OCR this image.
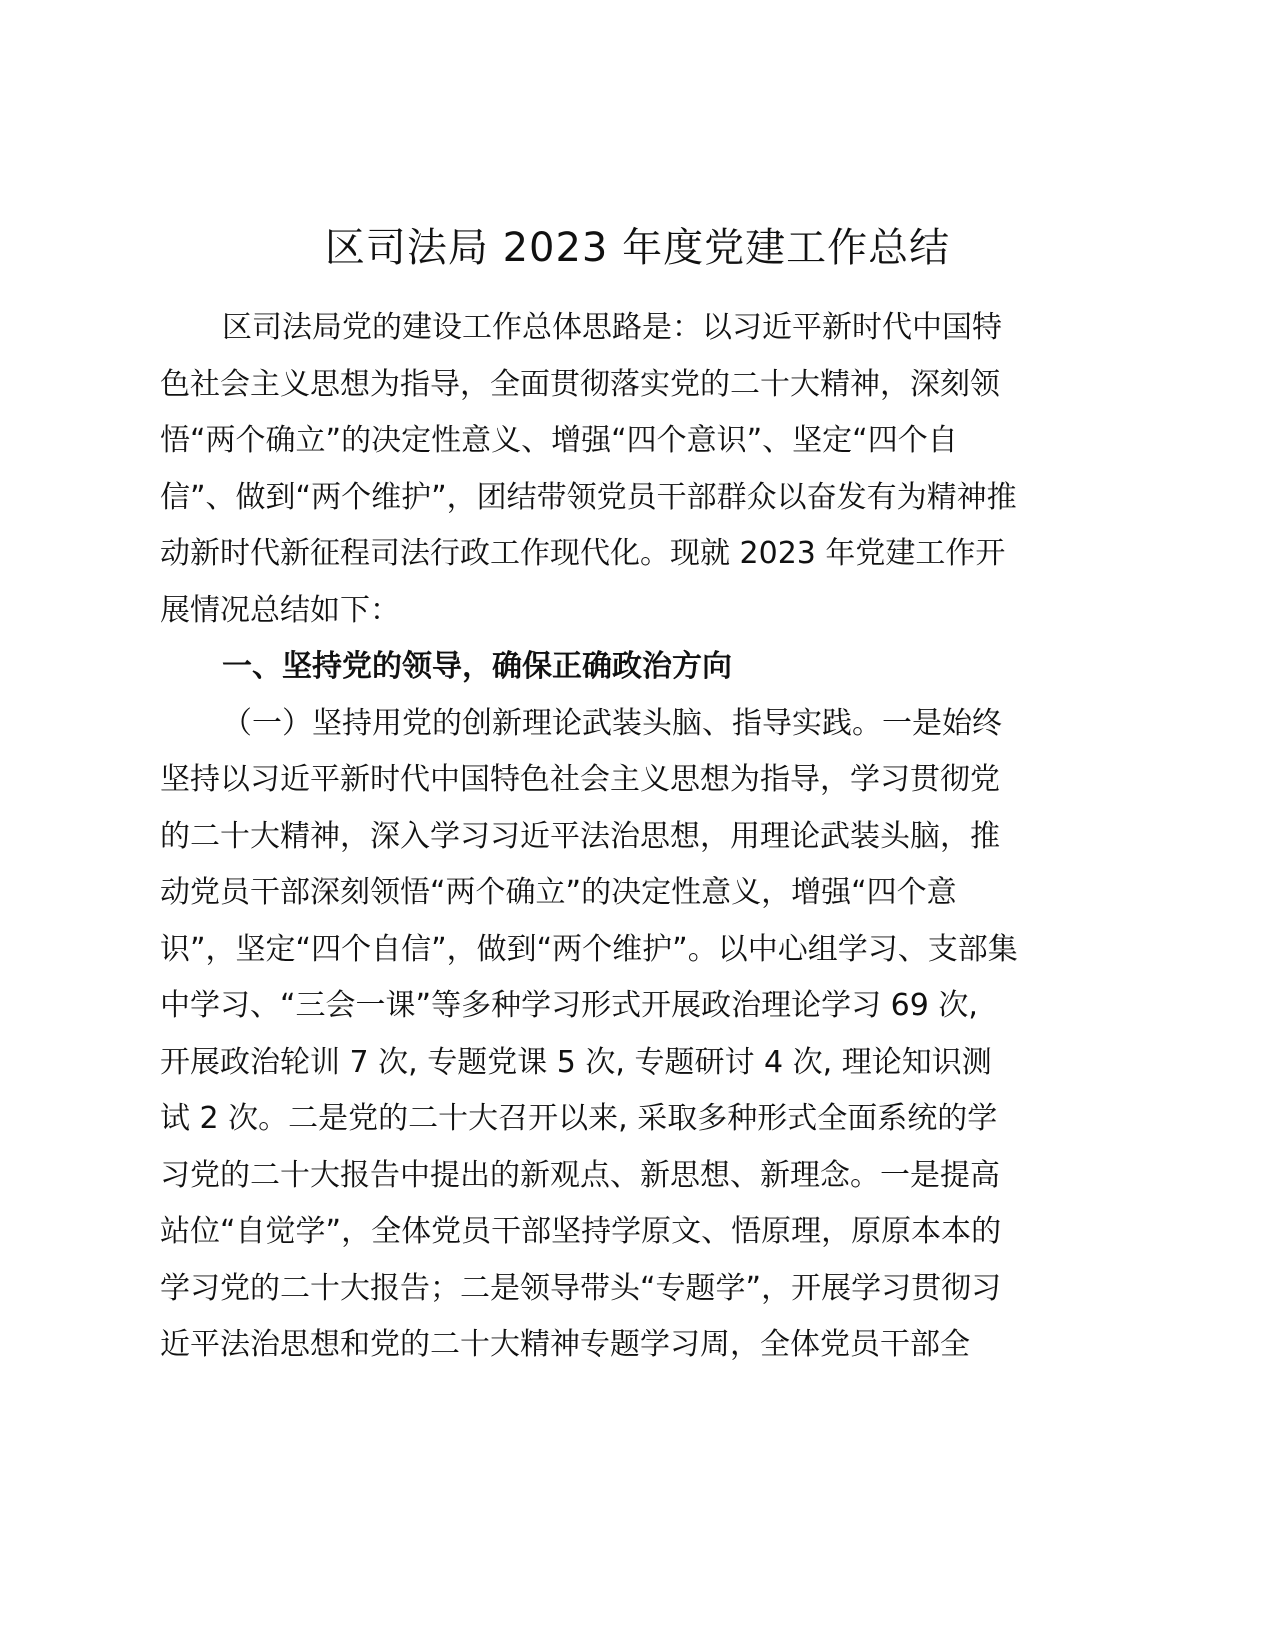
区司法局 2023 年度党建工作总结
区司法局党的建设工作总体思路是：以习近平新时代中国特
色社会主义思想为指导，全面贯彻落实党的二十大精神，深刻领
悟“两个确立”的决定性意义、增强“四个意识”、坚定“四个自
信”、做到“两个维护”，团结带领党员干部群众以奋发有为精神推
动新时代新征程司法行政工作现代化。现就 2023 年党建工作开
展情况总结如下：
一、坚持党的领导，确保正确政治方向
（一）坚持用党的创新理论武装头脑、指导实践。一是始终
坚持以习近平新时代中国特色社会主义思想为指导，学习贯彻党
的二十大精神，深入学习习近平法治思想，用理论武装头脑，推
动党员干部深刻领悟“两个确立”的决定性意义，增强“四个意
识”，坚定“四个自信”，做到“两个维护”。以中心组学习、支部集
中学习、“三会一课”等多种学习形式开展政治理论学习 69 次,
开展政治轮训 7 次, 专题党课 5 次, 专题研讨 4 次, 理论知识测
试 2 次。二是党的二十大召开以来, 采取多种形式全面系统的学
习党的二十大报告中提出的新观点、新思想、新理念。一是提高
站位“自觉学”，全体党员干部坚持学原文、悟原理，原原本本的
学习党的二十大报告；二是领导带头“专题学”，开展学习贯彻习
近平法治思想和党的二十大精神专题学习周，全体党员干部全
